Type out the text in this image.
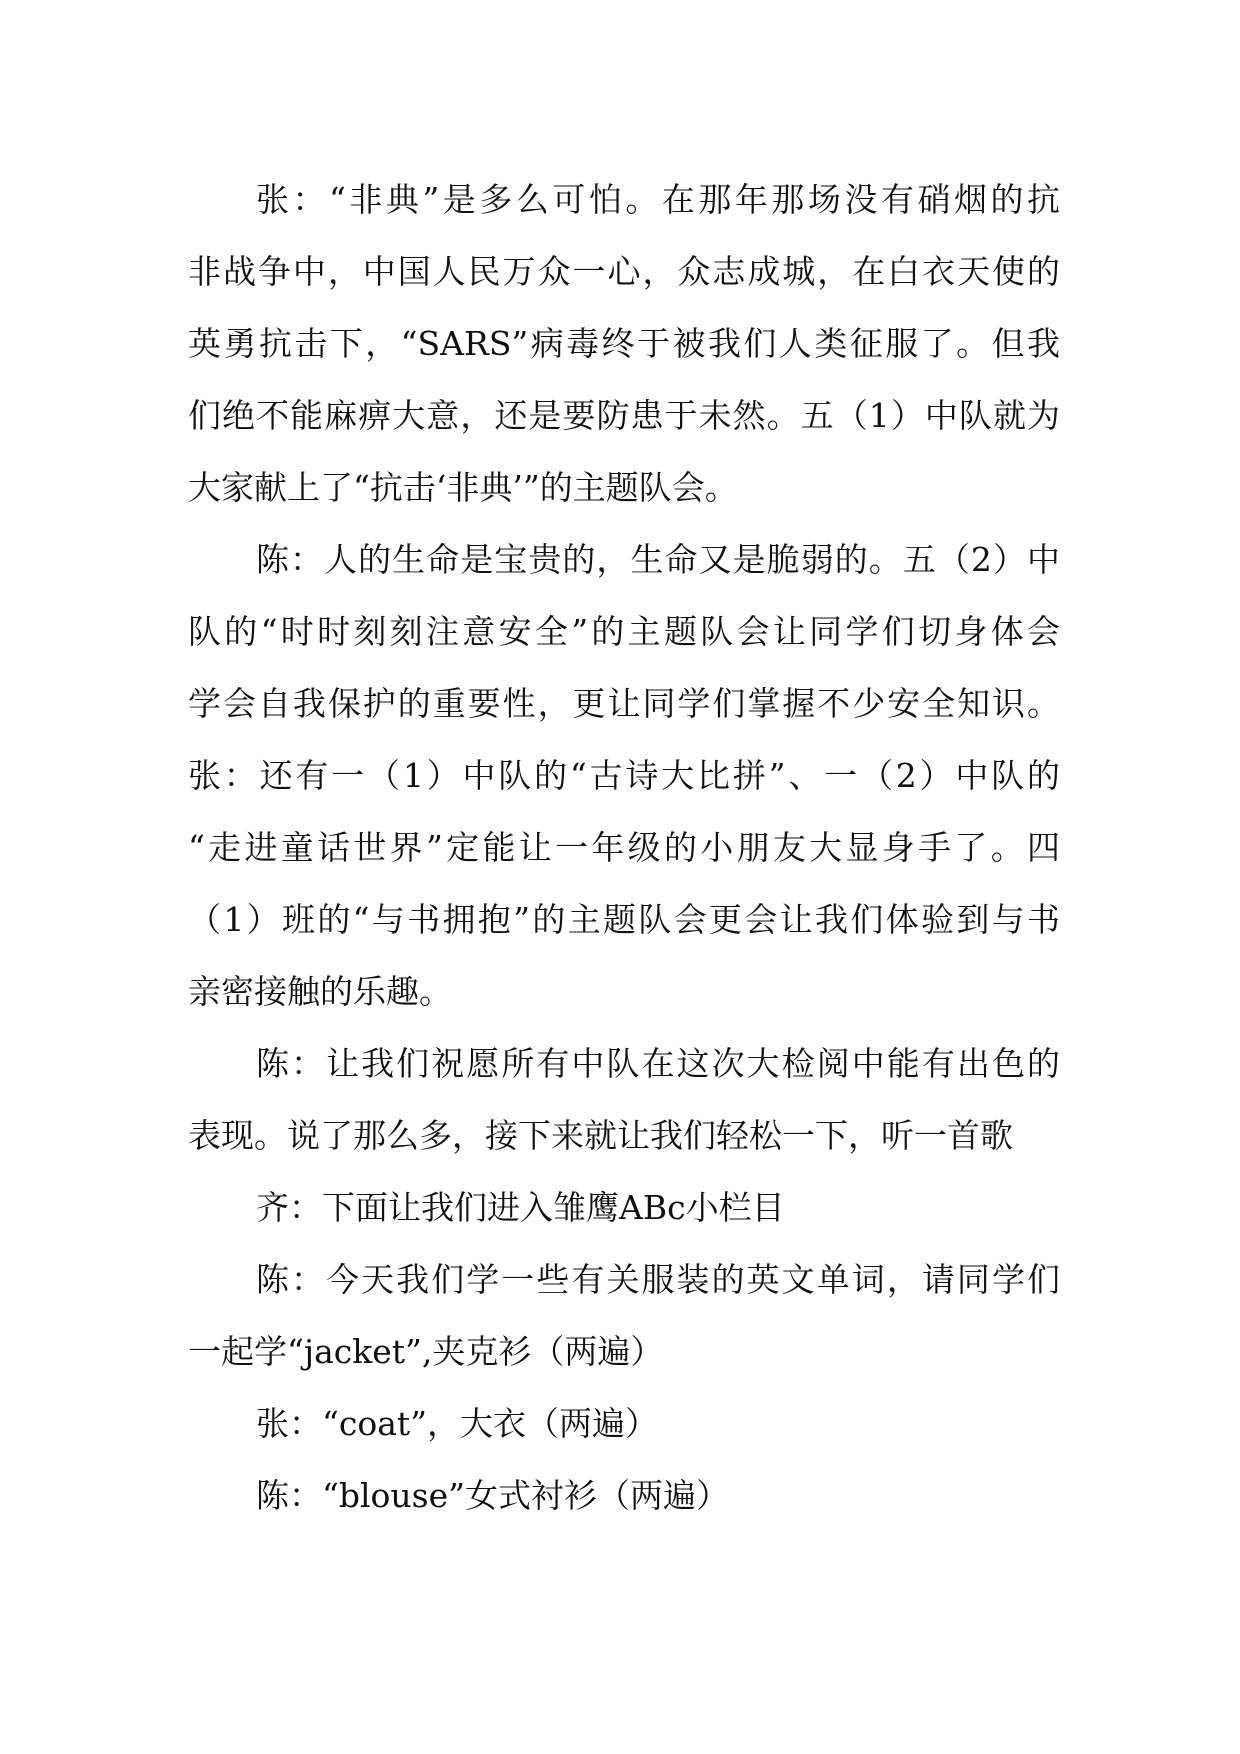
张：“非典”是多么可怕。在那年那场没有硝烟的抗
非战争中，中国人民万众一心，众志成城，在白衣天使的
英勇抗击下，“SARS”病毒终于被我们人类征服了。但我
们绝不能麻痹大意，还是要防患于未然。五（1）中队就为
大家献上了“抗击‘非典’”的主题队会。
陈：人的生命是宝贵的，生命又是脆弱的。五（2）中
队的“时时刻刻注意安全”的主题队会让同学们切身体会
学会自我保护的重要性，更让同学们掌握不少安全知识。
张：还有一（1）中队的“古诗大比拼”、一（2）中队的
“走进童话世界”定能让一年级的小朋友大显身手了。四
（1）班的“与书拥抱”的主题队会更会让我们体验到与书
亲密接触的乐趣。
陈：让我们祝愿所有中队在这次大检阅中能有出色的
表现。说了那么多，接下来就让我们轻松一下，听一首歌
齐：下面让我们进入雏鹰ABc小栏目
陈：今天我们学一些有关服装的英文单词，请同学们
一起学“jacket”,夹克衫（两遍）
张：“coat”，大衣（两遍）
陈：“blouse”女式衬衫（两遍）
